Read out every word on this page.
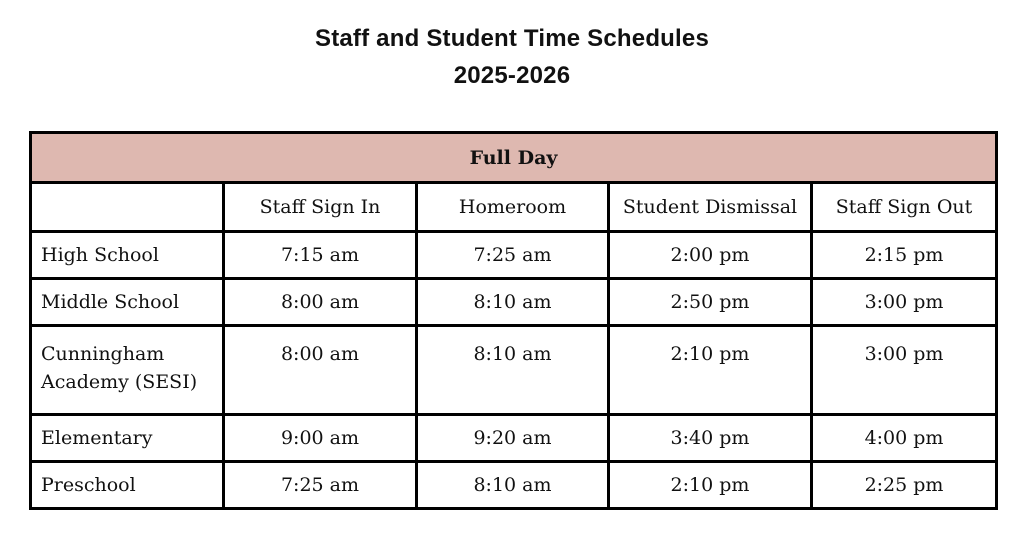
Staff and Student Time Schedules
2025-2026
Full Day				
	Staff Sign In	Homeroom	Student Dismissal	Staff Sign Out
High School	7:15 am	7:25 am	2:00 pm	2:15 pm
Middle School	8:00 am	8:10 am	2:50 pm	3:00 pm
Cunningham Academy (SESI)	8:00 am	8:10 am	2:10 pm	3:00 pm
Elementary	9:00 am	9:20 am	3:40 pm	4:00 pm
Preschool	7:25 am	8:10 am	2:10 pm	2:25 pm
